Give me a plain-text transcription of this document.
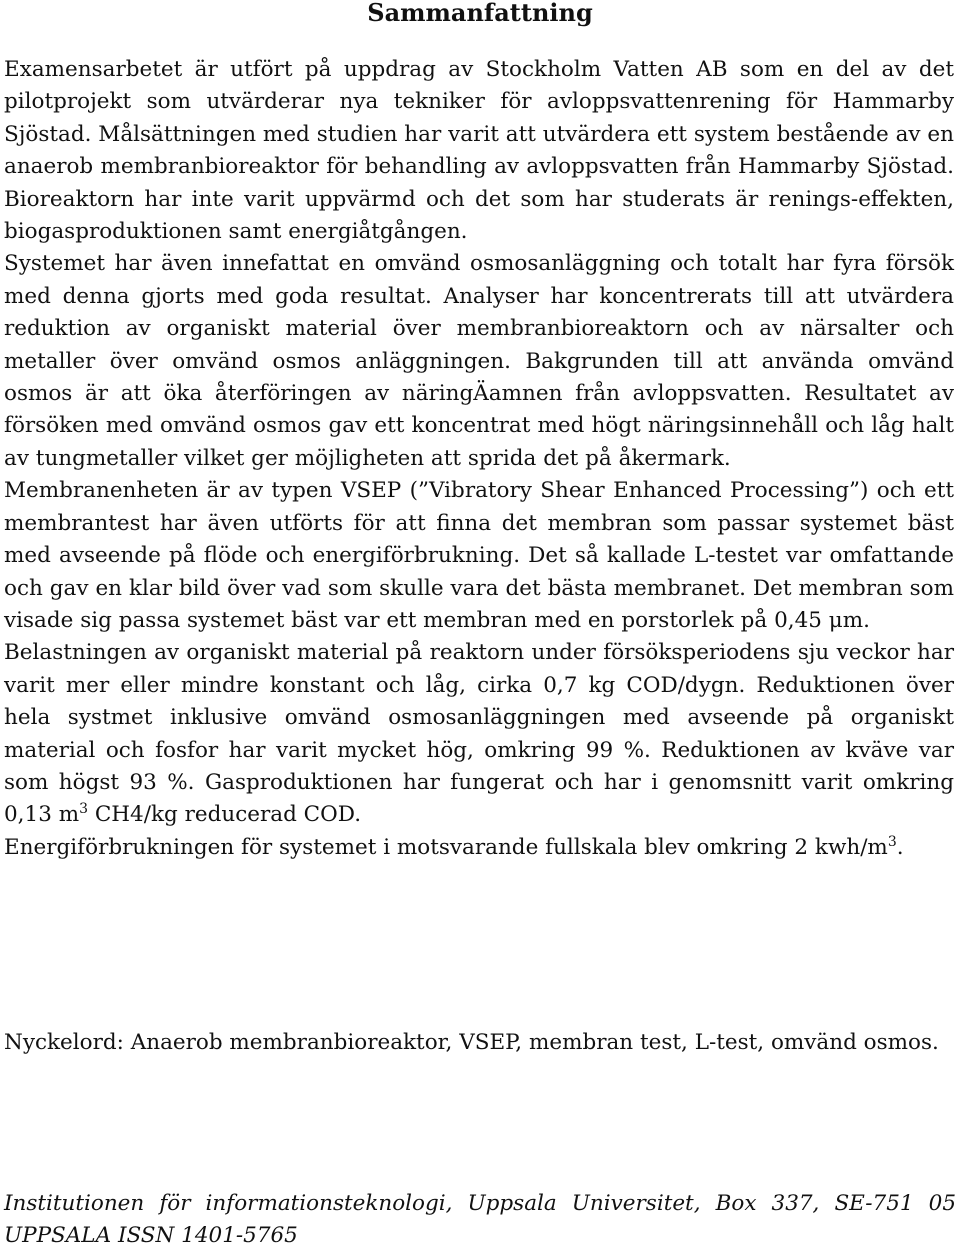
Sammanfattning

Examensarbetet är utfört på uppdrag av Stockholm Vatten AB som en del av det pilotprojekt som utvärderar nya tekniker för avloppsvattenrening för Hammarby Sjöstad. Målsättningen med studien har varit att utvärdera ett system bestående av en anaerob membranbioreaktor för behandling av avloppsvatten från Hammarby Sjöstad. Bioreaktorn har inte varit uppvärmd och det som har studerats är renings-effekten, biogasproduktionen samt energiåtgången.

Systemet har även innefattat en omvänd osmosanläggning och totalt har fyra försök med denna gjorts med goda resultat. Analyser har koncentrerats till att utvärdera reduktion av organiskt material över membranbioreaktorn och av närsalter och metaller över omvänd osmos anläggningen. Bakgrunden till att använda omvänd osmos är att öka återföringen av näringÄamnen från avloppsvatten. Resultatet av försöken med omvänd osmos gav ett koncentrat med högt näringsinnehåll och låg halt av tungmetaller vilket ger möjligheten att sprida det på åkermark.

Membranenheten är av typen VSEP (”Vibratory Shear Enhanced Processing”) och ett membrantest har även utförts för att finna det membran som passar systemet bäst med avseende på flöde och energiförbrukning. Det så kallade L-testet var omfattande och gav en klar bild över vad som skulle vara det bästa membranet. Det membran som visade sig passa systemet bäst var ett membran med en porstorlek på 0,45 μm.

Belastningen av organiskt material på reaktorn under försöksperiodens sju veckor har varit mer eller mindre konstant och låg, cirka 0,7 kg COD/dygn. Reduktionen över hela systmet inklusive omvänd osmosanläggningen med avseende på organiskt material och fosfor har varit mycket hög, omkring 99 %. Reduktionen av kväve var som högst 93 %. Gasproduktionen har fungerat och har i genomsnitt varit omkring 0,13 $m^3$ CH4/kg reducerad COD.

Energiförbrukningen för systemet i motsvarande fullskala blev omkring 2 kwh/$m^3$.

Nyckelord: Anaerob membranbioreaktor, VSEP, membran test, L-test, omvänd osmos.

Institutionen för informationsteknologi, Uppsala Universitet, Box 337, SE-751 05 UPPSALA ISSN 1401-5765
